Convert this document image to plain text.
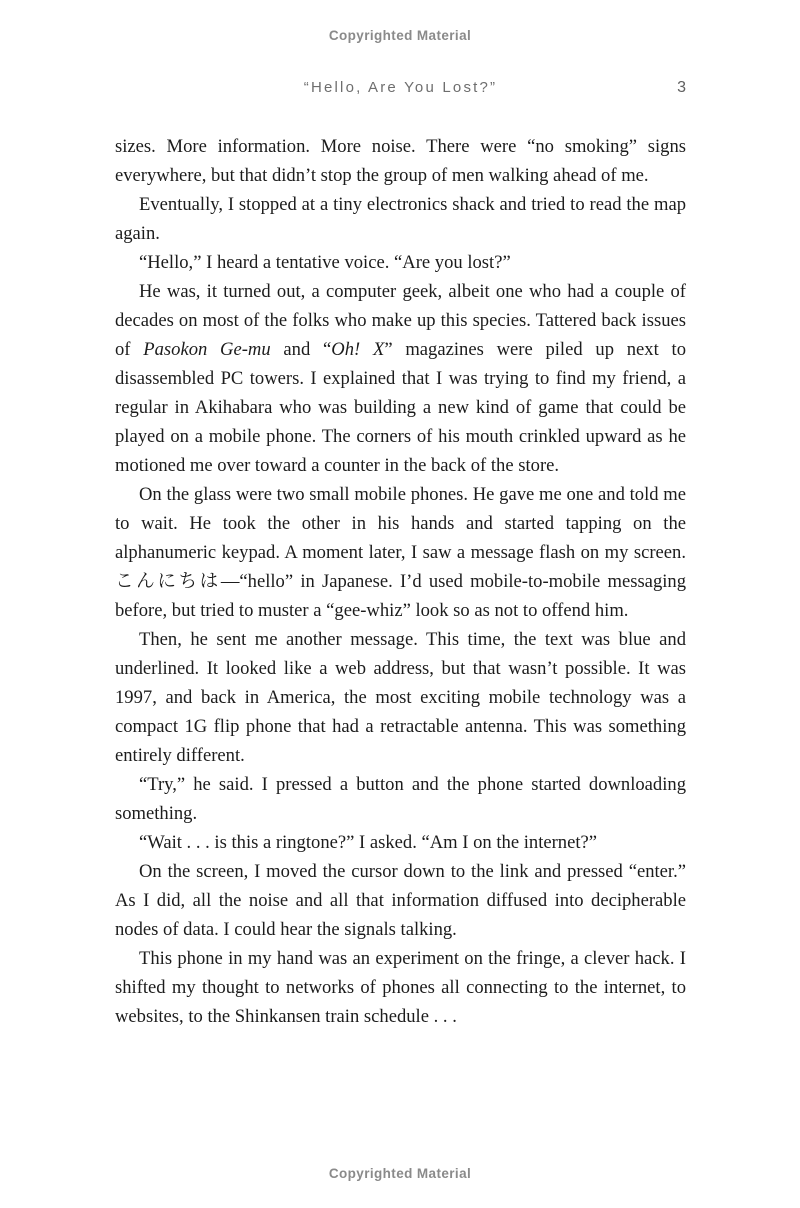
Copyrighted Material
“Hello, Are You Lost?”	3

sizes. More information. More noise. There were “no smoking” signs everywhere, but that didn’t stop the group of men walking ahead of me.

Eventually, I stopped at a tiny electronics shack and tried to read the map again.

“Hello,” I heard a tentative voice. “Are you lost?”

He was, it turned out, a computer geek, albeit one who had a couple of decades on most of the folks who make up this species. Tattered back issues of Pasokon Ge-mu and “Oh! X” magazines were piled up next to disassembled PC towers. I explained that I was trying to find my friend, a regular in Akihabara who was building a new kind of game that could be played on a mobile phone. The corners of his mouth crinkled upward as he motioned me over toward a counter in the back of the store.

On the glass were two small mobile phones. He gave me one and told me to wait. He took the other in his hands and started tapping on the alphanumeric keypad. A moment later, I saw a message flash on my screen. こんにちは—“hello” in Japanese. I’d used mobile-to-mobile messaging before, but tried to muster a “gee-whiz” look so as not to offend him.

Then, he sent me another message. This time, the text was blue and underlined. It looked like a web address, but that wasn’t possible. It was 1997, and back in America, the most exciting mobile technology was a compact 1G flip phone that had a retractable antenna. This was something entirely different.

“Try,” he said. I pressed a button and the phone started downloading something.

“Wait . . . is this a ringtone?” I asked. “Am I on the internet?”

On the screen, I moved the cursor down to the link and pressed “enter.” As I did, all the noise and all that information diffused into decipherable nodes of data. I could hear the signals talking.

This phone in my hand was an experiment on the fringe, a clever hack. I shifted my thought to networks of phones all connecting to the internet, to websites, to the Shinkansen train schedule . . .

Copyrighted Material
